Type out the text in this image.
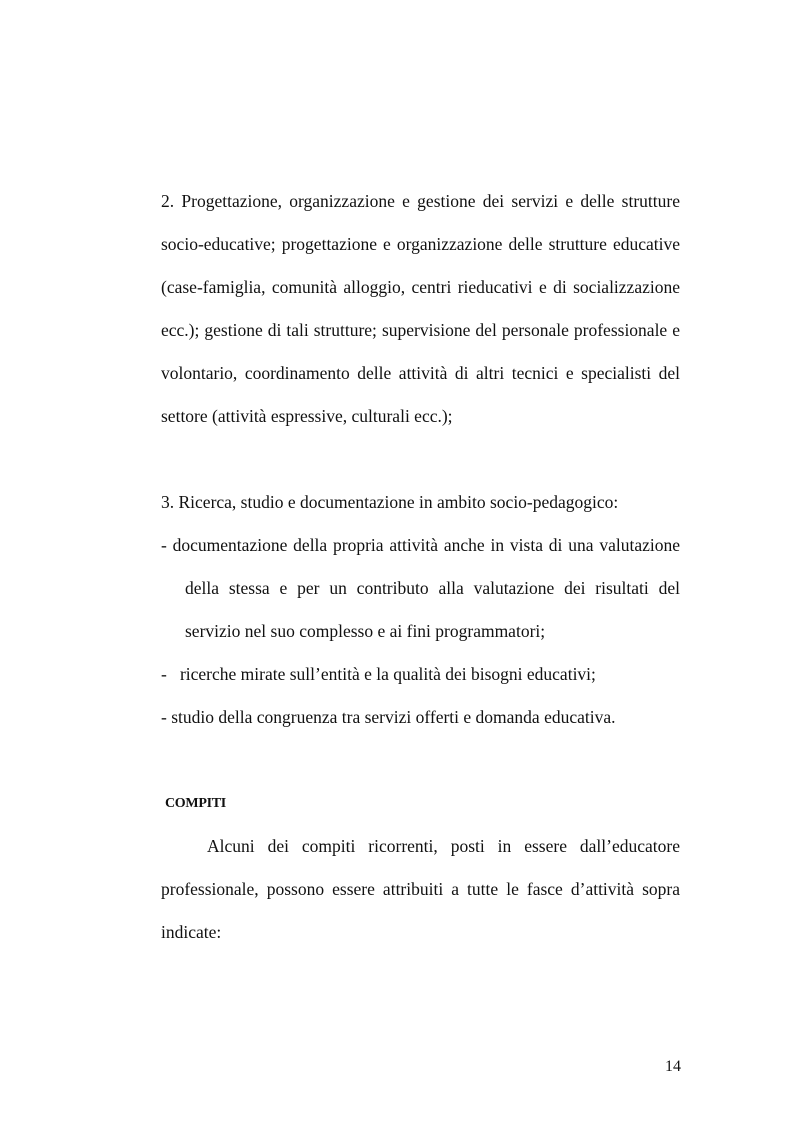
2. Progettazione, organizzazione e gestione dei servizi e delle strutture socio-educative; progettazione e organizzazione delle strutture educative (case-famiglia, comunità alloggio, centri rieducativi e di socializzazione ecc.); gestione di tali strutture; supervisione del personale professionale e volontario, coordinamento delle attività di altri tecnici e specialisti del settore (attività espressive, culturali ecc.);

3. Ricerca, studio e documentazione in ambito socio-pedagogico:

- documentazione della propria attività anche in vista di una valutazione della stessa e per un contributo alla valutazione dei risultati del servizio nel suo complesso e ai fini programmatori;
-   ricerche mirate sull’entità e la qualità dei bisogni educativi;
- studio della congruenza tra servizi offerti e domanda educativa.

COMPITI

Alcuni dei compiti ricorrenti, posti in essere dall’educatore professionale, possono essere attribuiti a tutte le fasce d’attività sopra indicate:

14
